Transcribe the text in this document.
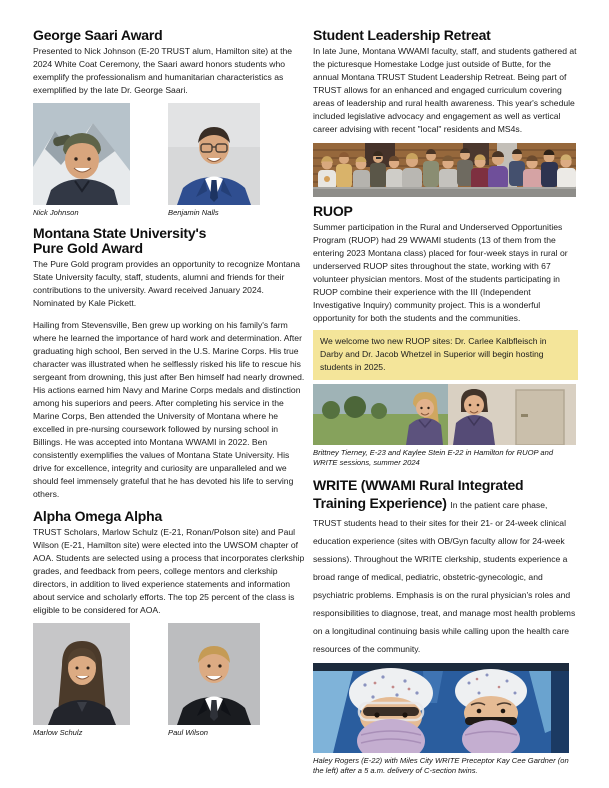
George Saari Award

Presented to Nick Johnson (E-20 TRUST alum, Hamilton site) at the 2024 White Coat Ceremony, the Saari award honors students who exemplify the professionalism and humanitarian characteristics as exemplified by the late Dr. George Saari.

Nick Johnson	Benjamin Nalls
Montana State University's
Pure Gold Award

The Pure Gold program provides an opportunity to recognize Montana State University faculty, staff, students, alumni and friends for their contributions to the university. Award received January 2024. Nominated by Kale Pickett.

Hailing from Stevensville, Ben grew up working on his family's farm where he learned the importance of hard work and determination. After graduating high school, Ben served in the U.S. Marine Corps. His true character was illustrated when he selflessly risked his life to rescue his sergeant from drowning, this just after Ben himself had nearly drowned. His actions earned him Navy and Marine Corps medals and distinction among his superiors and peers. After completing his service in the Marine Corps, Ben attended the University of Montana where he excelled in pre-nursing coursework followed by nursing school in Billings. He was accepted into Montana WWAMI in 2022. Ben consistently exemplifies the values of Montana State University. His drive for excellence, integrity and curiosity are unparalleled and we should feel immensely grateful that he has devoted his life to serving others.

Alpha Omega Alpha

TRUST Scholars, Marlow Schulz (E-21, Ronan/Polson site) and Paul Wilson (E-21, Hamilton site) were elected into the UWSOM chapter of AOA. Students are selected using a process that incorporates clerkship grades, and feedback from peers, college mentors and clerkship directors, in addition to lived experience statements and information about service and scholarly efforts. The top 25 percent of the class is eligible to be considered for AOA.

Marlow Schulz	Paul Wilson
Student Leadership Retreat

In late June, Montana WWAMI faculty, staff, and students gathered at the picturesque Homestake Lodge just outside of Butte, for the annual Montana TRUST Student Leadership Retreat. Being part of TRUST allows for an enhanced and engaged curriculum covering areas of leadership and rural health awareness. This year's schedule included legislative advocacy and engagement as well as vertical career advising with recent "local" residents and MS4s.

RUOP

Summer participation in the Rural and Underserved Opportunities Program (RUOP) had 29 WWAMI students (13 of them from the entering 2023 Montana class) placed for four-week stays in rural or underserved RUOP sites throughout the state, working with 67 volunteer physician mentors. Most of the students participating in RUOP combine their experience with the III (Independent Investigative Inquiry) community project. This is a wonderful opportunity for both the students and the communities.

We welcome two new RUOP sites: Dr. Carlee Kalbfleisch in Darby and Dr. Jacob Whetzel in Superior will begin hosting students in 2025.

Brittney Tierney, E-23 and Kaylee Stein E-22 in Hamilton for RUOP and WRITE sessions, summer 2024

WRITE (WWAMI Rural Integrated Training Experience) In the patient care phase, TRUST students head to their sites for their 21- or 24-week clinical education experience (sites with OB/Gyn faculty allow for 24-week sessions). Throughout the WRITE clerkship, students experience a broad range of medical, pediatric, obstetric-gynecologic, and psychiatric problems. Emphasis is on the rural physician's roles and responsibilities to diagnose, treat, and manage most health problems on a longitudinal continuing basis while calling upon the health care resources of the community.

Haley Rogers (E-22) with Miles City WRITE Preceptor Kay Cee Gardner (on the left) after a 5 a.m. delivery of C-section twins.
